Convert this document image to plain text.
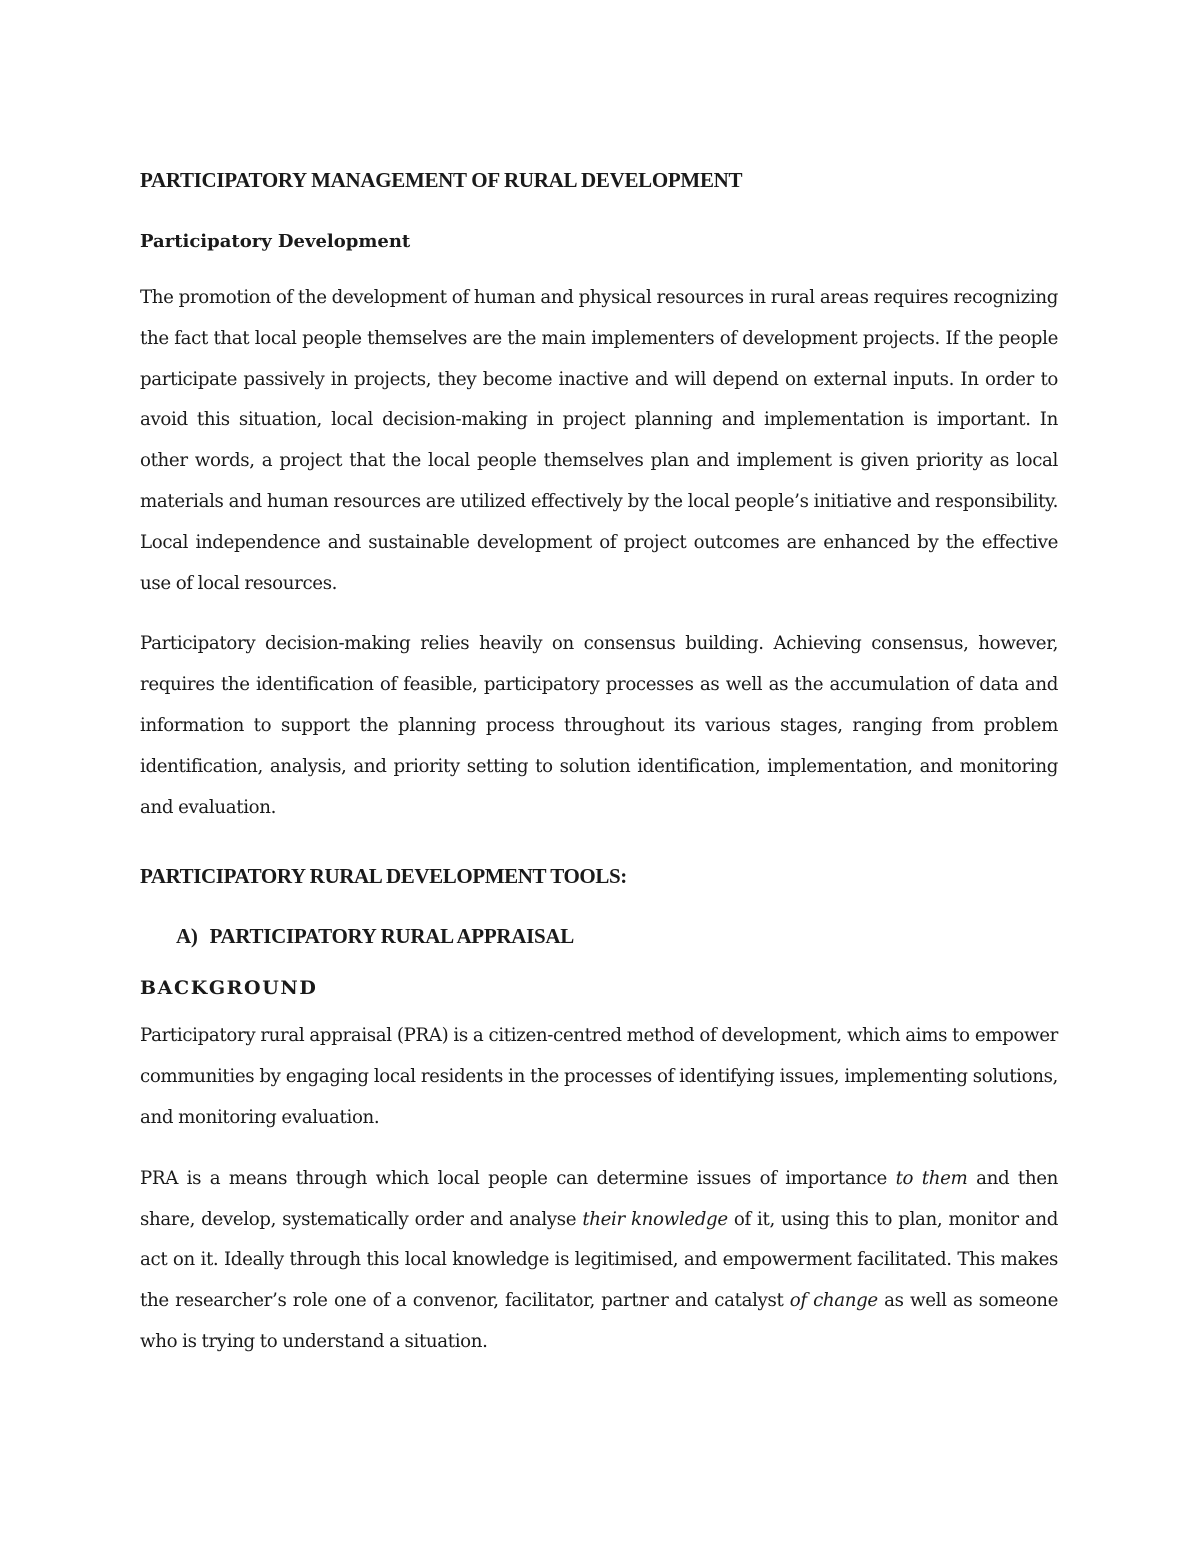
PARTICIPATORY MANAGEMENT OF RURAL DEVELOPMENT
Participatory Development

The promotion of the development of human and physical resources in rural areas requires recognizing the fact that local people themselves are the main implementers of development projects. If the people participate passively in projects, they become inactive and will depend on external inputs. In order to avoid this situation, local decision-making in project planning and implementation is important. In other words, a project that the local people themselves plan and implement is given priority as local materials and human resources are utilized effectively by the local people’s initiative and responsibility. Local independence and sustainable development of project outcomes are enhanced by the effective use of local resources.

Participatory decision-making relies heavily on consensus building. Achieving consensus, however, requires the identification of feasible, participatory processes as well as the accumulation of data and information to support the planning process throughout its various stages, ranging from problem identification, analysis, and priority setting to solution identification, implementation, and monitoring and evaluation.

PARTICIPATORY RURAL DEVELOPMENT TOOLS:
A) PARTICIPATORY RURAL APPRAISAL
BACKGROUND

Participatory rural appraisal (PRA) is a citizen-centred method of development, which aims to empower communities by engaging local residents in the processes of identifying issues, implementing solutions, and monitoring evaluation.

PRA is a means through which local people can determine issues of importance to them and then share, develop, systematically order and analyse their knowledge of it, using this to plan, monitor and act on it. Ideally through this local knowledge is legitimised, and empowerment facilitated. This makes the researcher’s role one of a convenor, facilitator, partner and catalyst of change as well as someone who is trying to understand a situation.
